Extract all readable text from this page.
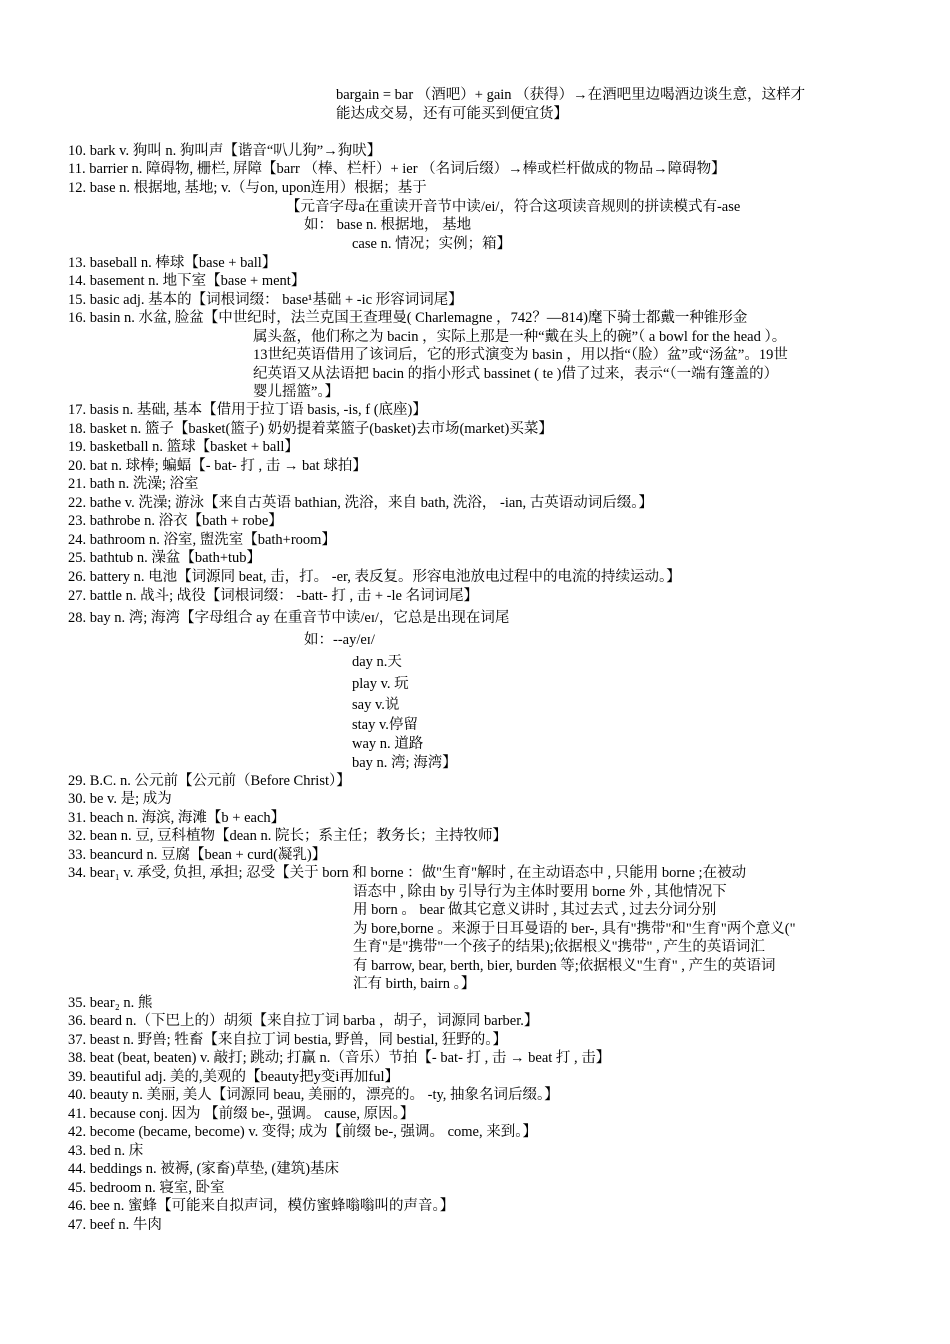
bargain = bar （酒吧）+ gain （获得）→在酒吧里边喝酒边谈生意，这样才
能达成交易，还有可能买到便宜货】
10. bark v. 狗叫 n. 狗叫声【谐音“叭儿狗”→狗吠】
11. barrier n. 障碍物, 栅栏, 屏障【barr （棒、栏杆）+ ier （名词后缀）→棒或栏杆做成的物品→障碍物】
12. base n. 根据地, 基地; v.（与on, upon连用）根据；基于
【元音字母a在重读开音节中读/ei/，符合这项读音规则的拼读模式有-ase
如： base n. 根据地， 基地
case n. 情况；实例；箱】
13. baseball n. 棒球【base + ball】
14. basement n. 地下室【base + ment】
15. basic adj. 基本的【词根词缀： base¹基础 + -ic 形容词词尾】
16. basin n. 水盆, 脸盆【中世纪时，法兰克国王查理曼( Charlemagne ，742？—814)麾下骑士都戴一种锥形金
属头盔，他们称之为 bacin ，实际上那是一种“戴在头上的碗”（ a bowl for the head ）。
13世纪英语借用了该词后，它的形式演变为 basin ，用以指“（脸）盆”或“汤盆”。19世
纪英语又从法语把 bacin 的指小形式 bassinet ( te )借了过来，表示“（一端有篷盖的）
婴儿摇篮”。】
17. basis n. 基础, 基本【借用于拉丁语 basis, -is, f (底座)】
18. basket n. 篮子【basket(篮子) 奶奶提着菜篮子(basket)去市场(market)买菜】
19. basketball n. 篮球【basket + ball】
20. bat n. 球棒; 蝙蝠【- bat- 打 , 击 → bat 球拍】
21. bath n. 洗澡; 浴室
22. bathe v. 洗澡; 游泳【来自古英语 bathian, 洗浴，来自 bath, 洗浴， -ian, 古英语动词后缀。】
23. bathrobe n. 浴衣【bath + robe】
24. bathroom n. 浴室, 盥洗室【bath+room】
25. bathtub n. 澡盆【bath+tub】
26. battery n. 电池【词源同 beat, 击，打。 -er, 表反复。形容电池放电过程中的电流的持续运动。】
27. battle n. 战斗; 战役【词根词缀： -batt- 打 , 击 + -le 名词词尾】
28. bay n. 湾; 海湾【字母组合 ay 在重音节中读/eɪ/，它总是出现在词尾
如：--ay/eɪ/
day n.天
play v. 玩
say v.说
stay v.停留
way n. 道路
bay n. 湾; 海湾】
29. B.C. n. 公元前【公元前（Before Christ）】
30. be v. 是; 成为
31. beach n. 海滨, 海滩【b + each】
32. bean n. 豆, 豆科植物【dean n. 院长；系主任；教务长；主持牧师】
33. beancurd n. 豆腐【bean + curd(凝乳)】
34. bear₁ v. 承受, 负担, 承担; 忍受【关于 born 和 borne ：做"生育"解时 , 在主动语态中 , 只能用 borne ;在被动
语态中 , 除由 by 引导行为主体时要用 borne 外 , 其他情况下
用 born 。 bear 做其它意义讲时 , 其过去式 , 过去分词分别
为 bore,borne 。来源于日耳曼语的 ber-, 具有"携带"和"生育"两个意义("
生育"是"携带"一个孩子的结果);依据根义"携带" , 产生的英语词汇
有 barrow, bear, berth, bier, burden 等;依据根义"生育" , 产生的英语词
汇有 birth, bairn 。】
35. bear₂ n. 熊
36. beard n.（下巴上的）胡须【来自拉丁词 barba ，胡子，词源同 barber.】
37. beast n. 野兽; 牲畜【来自拉丁词 bestia, 野兽，同 bestial, 狂野的。】
38. beat (beat, beaten) v. 敲打; 跳动; 打赢 n.（音乐）节拍【- bat- 打 , 击 → beat 打 , 击】
39. beautiful adj. 美的,美观的【beauty把y变i再加ful】
40. beauty n. 美丽, 美人【词源同 beau, 美丽的，漂亮的。 -ty, 抽象名词后缀。】
41. because conj. 因为 【前缀 be-, 强调。 cause, 原因。】
42. become (became, become) v. 变得; 成为【前缀 be-, 强调。 come, 来到。】
43. bed n. 床
44. beddings n. 被褥, (家畜)草垫, (建筑)基床
45. bedroom n. 寝室, 卧室
46. bee n. 蜜蜂【可能来自拟声词，模仿蜜蜂嗡嗡叫的声音。】
47. beef n. 牛肉
